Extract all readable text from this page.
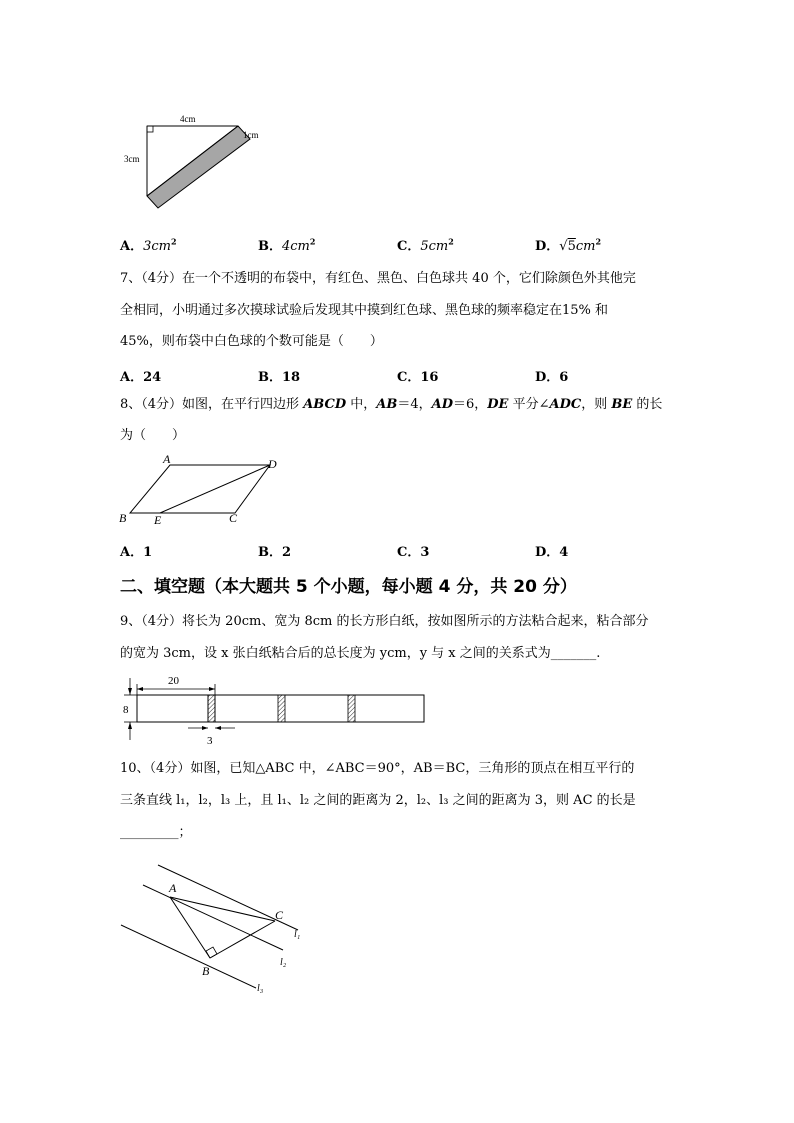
4cm
3cm
1cm
A．$3cm^2$	B．$4cm^2$	C．$5cm^2$	D．$√5cm^2$
7、（4分）在一个不透明的布袋中，有红色、黑色、白色球共 40 个，它们除颜色外其他完
全相同，小明通过多次摸球试验后发现其中摸到红色球、黑色球的频率稳定在15% 和
45%，则布袋中白色球的个数可能是（　　）
A．24	B．18	C．16	D．6
8、（4分）如图，在平行四边形 ABCD 中，AB＝4，AD＝6，DE 平分∠ADC，则 BE 的长
为（　　）
A	D
B E	C
A．1	B．2	C．3	D．4
二、填空题（本大题共 5 个小题，每小题 4 分，共 20 分）
9、（4分）将长为 20cm、宽为 8cm 的长方形白纸，按如图所示的方法粘合起来，粘合部分
的宽为 3cm，设 x 张白纸粘合后的总长度为 ycm，y 与 x 之间的关系式为_______.
20
8
3
10、（4分）如图，已知△ABC 中，∠ABC＝90°，AB＝BC，三角形的顶点在相互平行的
三条直线 l₁，l₂，l₃ 上，且 l₁、l₂ 之间的距离为 2，l₂、l₃ 之间的距离为 3，则 AC 的长是
_________；
A
B
C
l₁
l₂
l₃
